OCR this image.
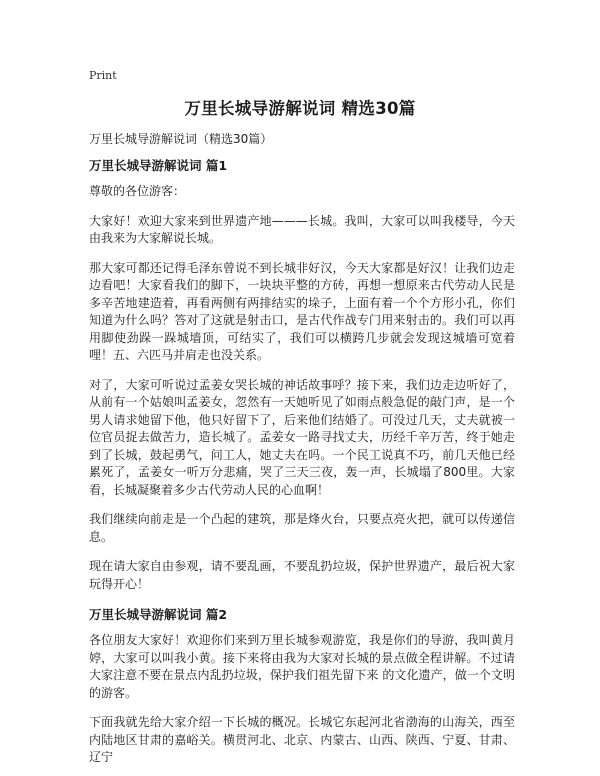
Print
万里长城导游解说词 精选30篇

万里长城导游解说词（精选30篇）

万里长城导游解说词 篇1

尊敬的各位游客：

大家好！欢迎大家来到世界遗产地———长城。我叫，大家可以叫我楼导，今天由我来为大家解说长城。

那大家可都还记得毛泽东曾说不到长城非好汉，今天大家都是好汉！让我们边走边看吧！大家看我们的脚下，一块块平整的方砖，再想一想原来古代劳动人民是多辛苦地建造着，再看两侧有两排结实的垛子，上面有着一个个方形小孔，你们知道为什么吗？答对了这就是射击口，是古代作战专门用来射击的。我们可以再用脚使劲跺一跺城墙顶，可结实了，我们可以横跨几步就会发现这城墙可宽着哩！五、六匹马并肩走也没关系。

对了，大家可听说过孟姜女哭长城的神话故事呼？接下来，我们边走边听好了，从前有一个姑娘叫孟姜女，忽然有一天她听见了如雨点般急促的敲门声，是一个男人请求她留下他，他只好留下了，后来他们结婚了。可没过几天，丈夫就被一位官员捉去做苦力，造长城了。孟姜女一路寻找丈夫，历经千辛万苦，终于她走到了长城，鼓起勇气，问工人，她丈夫在吗。一个民工说真不巧，前几天他已经累死了，孟姜女一听万分悲痛，哭了三天三夜，轰一声，长城塌了800里。大家看，长城凝聚着多少古代劳动人民的心血啊！

我们继续向前走是一个凸起的建筑，那是烽火台，只要点亮火把，就可以传递信息。

现在请大家自由参观，请不要乱画，不要乱扔垃圾，保护世界遗产，最后祝大家玩得开心！

万里长城导游解说词 篇2

各位朋友大家好！欢迎你们来到万里长城参观游览，我是你们的导游，我叫黄月婷，大家可以叫我小黄。接下来将由我为大家对长城的景点做全程讲解。不过请大家注意不要在景点内乱扔垃圾，保护我们祖先留下来 的文化遗产，做一个文明的游客。

下面我就先给大家介绍一下长城的概况。长城它东起河北省渤海的山海关，西至内陆地区甘肃的嘉峪关。横贯河北、北京、内蒙古、山西、陕西、宁夏、甘肃、辽宁
